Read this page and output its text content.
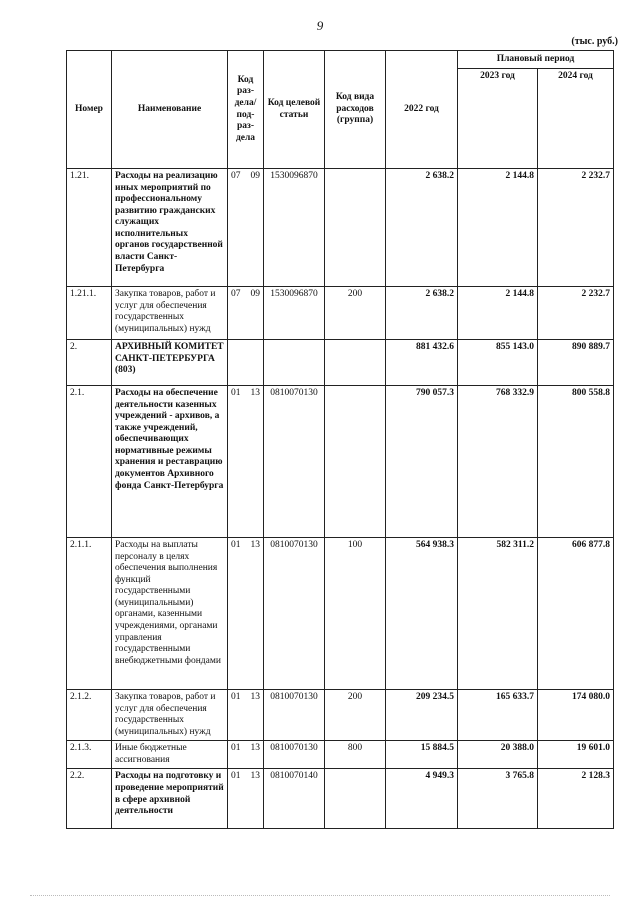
9
(тыс. руб.)
Номер	Наименование	Код раз-дела/ под-раз-дела	Код целевой статьи	Код вида расходов (группа)	2022 год	Плановый период	
						2023 год	2024 год
1.21.	Расходы на реализацию иных мероприятий по профессиональному развитию гражданских служащих исполнительных органов государственной власти Санкт-Петербурга	07 09	1530096870		2 638.2	2 144.8	2 232.7
1.21.1.	Закупка товаров, работ и услуг для обеспечения государственных (муниципальных) нужд	07 09	1530096870	200	2 638.2	2 144.8	2 232.7
2.	АРХИВНЫЙ КОМИТЕТ САНКТ-ПЕТЕРБУРГА (803)				881 432.6	855 143.0	890 889.7
2.1.	Расходы на обеспечение деятельности казенных учреждений - архивов, а также учреждений, обеспечивающих нормативные режимы хранения и реставрацию документов Архивного фонда Санкт-Петербурга	01 13	0810070130		790 057.3	768 332.9	800 558.8
2.1.1.	Расходы на выплаты персоналу в целях обеспечения выполнения функций государственными (муниципальными) органами, казенными учреждениями, органами управления государственными внебюджетными фондами	01 13	0810070130	100	564 938.3	582 311.2	606 877.8
2.1.2.	Закупка товаров, работ и услуг для обеспечения государственных (муниципальных) нужд	01 13	0810070130	200	209 234.5	165 633.7	174 080.0
2.1.3.	Иные бюджетные ассигнования	01 13	0810070130	800	15 884.5	20 388.0	19 601.0
2.2.	Расходы на подготовку и проведение мероприятий в сфере архивной деятельности	01 13	0810070140		4 949.3	3 765.8	2 128.3
